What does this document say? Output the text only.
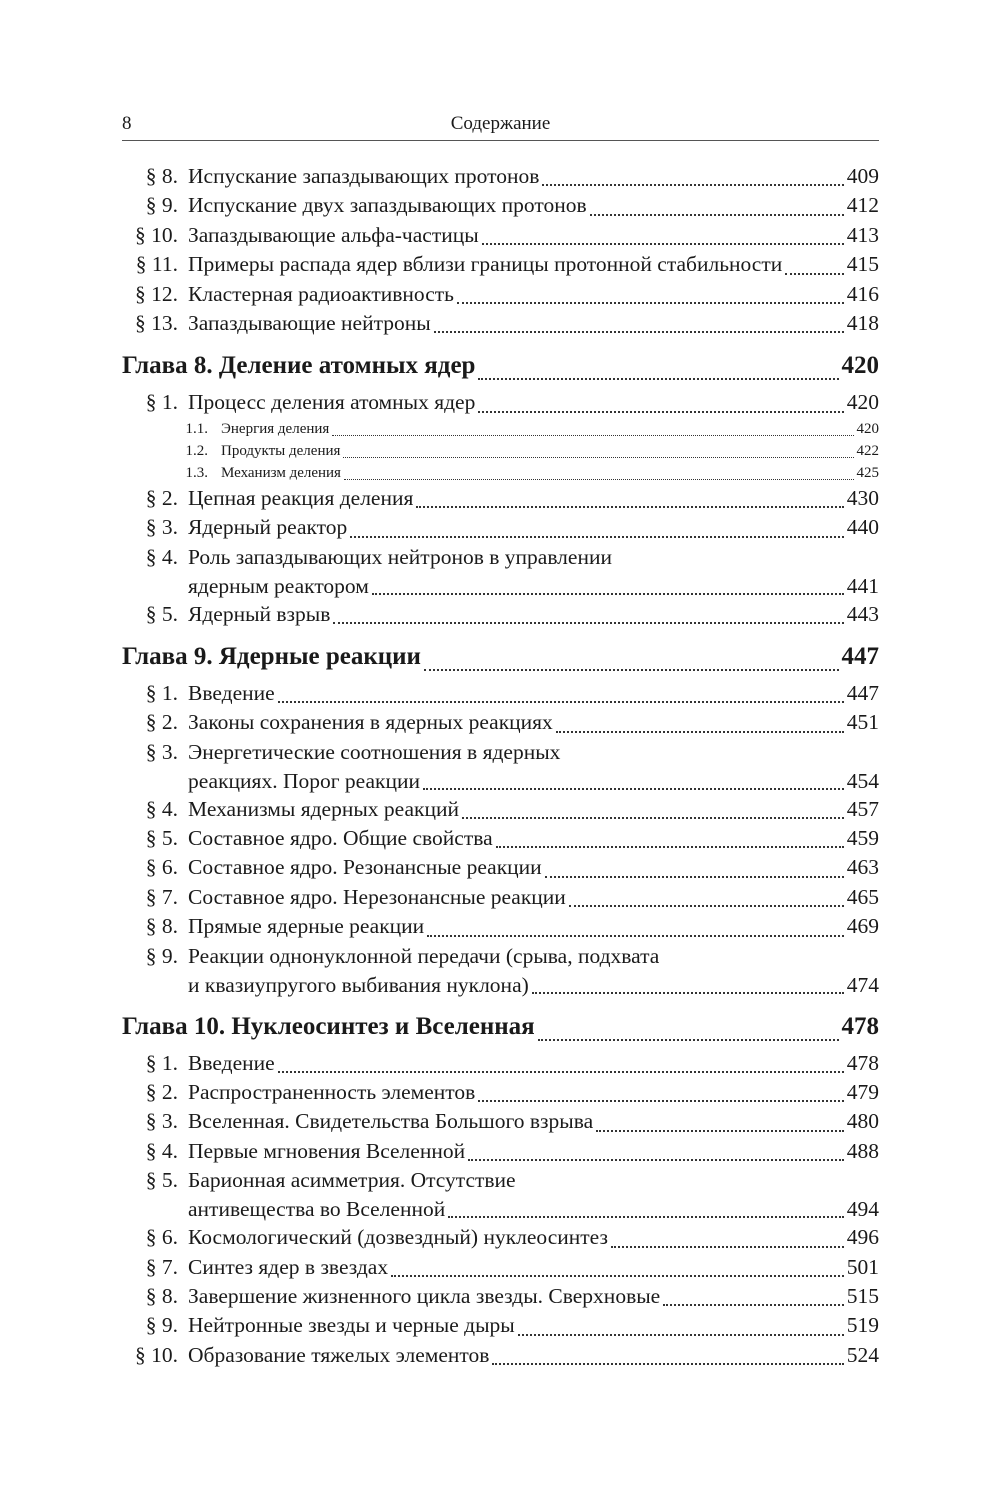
8	Содержание
§ 8. Испускание запаздывающих протонов	409
§ 9. Испускание двух запаздывающих протонов	412
§ 10. Запаздывающие альфа-частицы	413
§ 11. Примеры распада ядер вблизи границы протонной стабильности	415
§ 12. Кластерная радиоактивность	416
§ 13. Запаздывающие нейтроны	418
Глава 8. Деление атомных ядер	420
§ 1. Процесс деления атомных ядер	420
1.1. Энергия деления	420
1.2. Продукты деления	422
1.3. Механизм деления	425
§ 2. Цепная реакция деления	430
§ 3. Ядерный реактор	440
§ 4. Роль запаздывающих нейтронов в управлении
ядерным реактором	441
§ 5. Ядерный взрыв	443
Глава 9. Ядерные реакции	447
§ 1. Введение	447
§ 2. Законы сохранения в ядерных реакциях	451
§ 3. Энергетические соотношения в ядерных
реакциях. Порог реакции	454
§ 4. Механизмы ядерных реакций	457
§ 5. Составное ядро. Общие свойства	459
§ 6. Составное ядро. Резонансные реакции	463
§ 7. Составное ядро. Нерезонансные реакции	465
§ 8. Прямые ядерные реакции	469
§ 9. Реакции однонуклонной передачи (срыва, подхвата
и квазиупругого выбивания нуклона)	474
Глава 10. Нуклеосинтез и Вселенная	478
§ 1. Введение	478
§ 2. Распространенность элементов	479
§ 3. Вселенная. Свидетельства Большого взрыва	480
§ 4. Первые мгновения Вселенной	488
§ 5. Барионная асимметрия. Отсутствие
антивещества во Вселенной	494
§ 6. Космологический (дозвездный) нуклеосинтез	496
§ 7. Синтез ядер в звездах	501
§ 8. Завершение жизненного цикла звезды. Сверхновые	515
§ 9. Нейтронные звезды и черные дыры	519
§ 10. Образование тяжелых элементов	524
